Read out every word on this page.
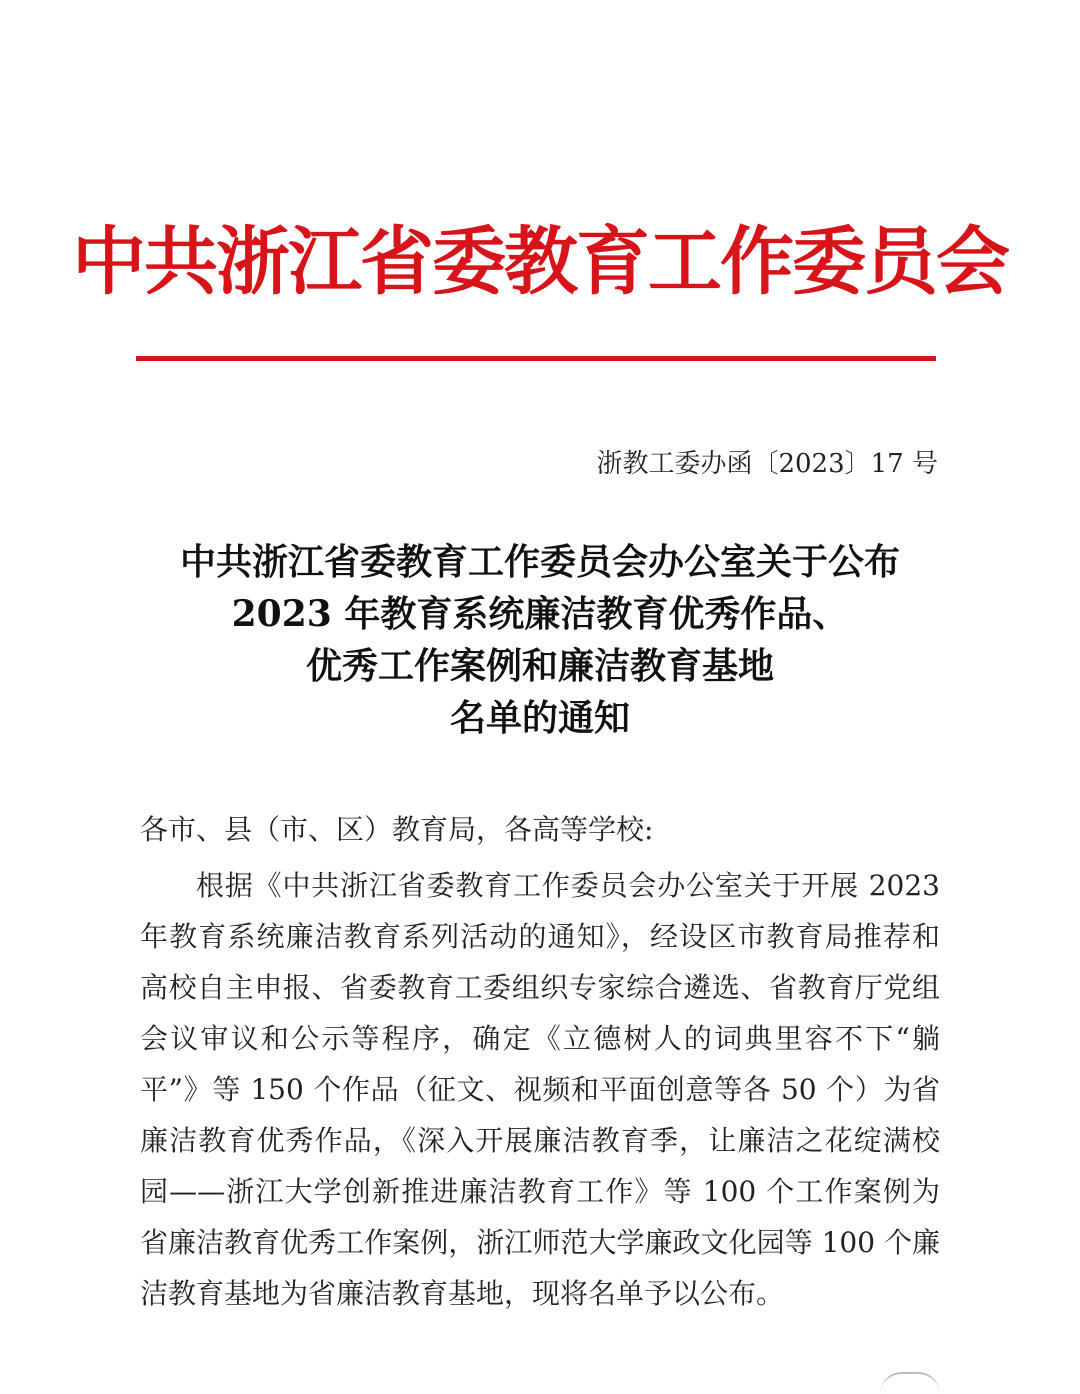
中共浙江省委教育工作委员会
浙教工委办函〔2023〕17 号
中共浙江省委教育工作委员会办公室关于公布
2023 年教育系统廉洁教育优秀作品、
优秀工作案例和廉洁教育基地
名单的通知
各市、县（市、区）教育局，各高等学校:
根据《中共浙江省委教育工作委员会办公室关于开展 2023
年教育系统廉洁教育系列活动的通知》，经设区市教育局推荐和
高校自主申报、省委教育工委组织专家综合遴选、省教育厅党组
会议审议和公示等程序，确定《立德树人的词典里容不下“躺
平”》等 150 个作品（征文、视频和平面创意等各 50 个）为省
廉洁教育优秀作品，《深入开展廉洁教育季，让廉洁之花绽满校
园——浙江大学创新推进廉洁教育工作》等 100 个工作案例为
省廉洁教育优秀工作案例，浙江师范大学廉政文化园等 100 个廉
洁教育基地为省廉洁教育基地，现将名单予以公布。
